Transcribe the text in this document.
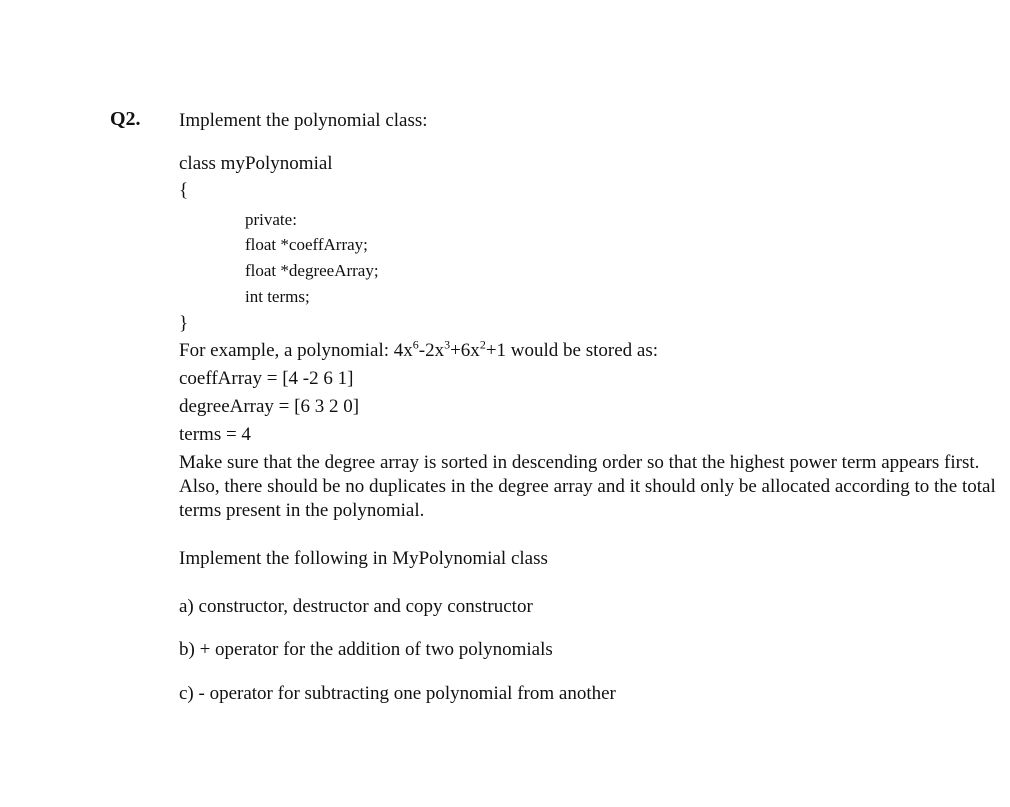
Q2. Implement the polynomial class:
class myPolynomial
{
private:
float *coeffArray;
float *degreeArray;
int terms;
}
For example, a polynomial: $4x^6-2x^3+6x^2+1$ would be stored as:
coeffArray = [4 -2 6 1]
degreeArray = [6 3 2 0]
terms = 4
Make sure that the degree array is sorted in descending order so that the highest power term appears first. Also, there should be no duplicates in the degree array and it should only be allocated according to the total terms present in the polynomial.
Implement the following in MyPolynomial class
a) constructor, destructor and copy constructor
b) + operator for the addition of two polynomials
c) - operator for subtracting one polynomial from another
